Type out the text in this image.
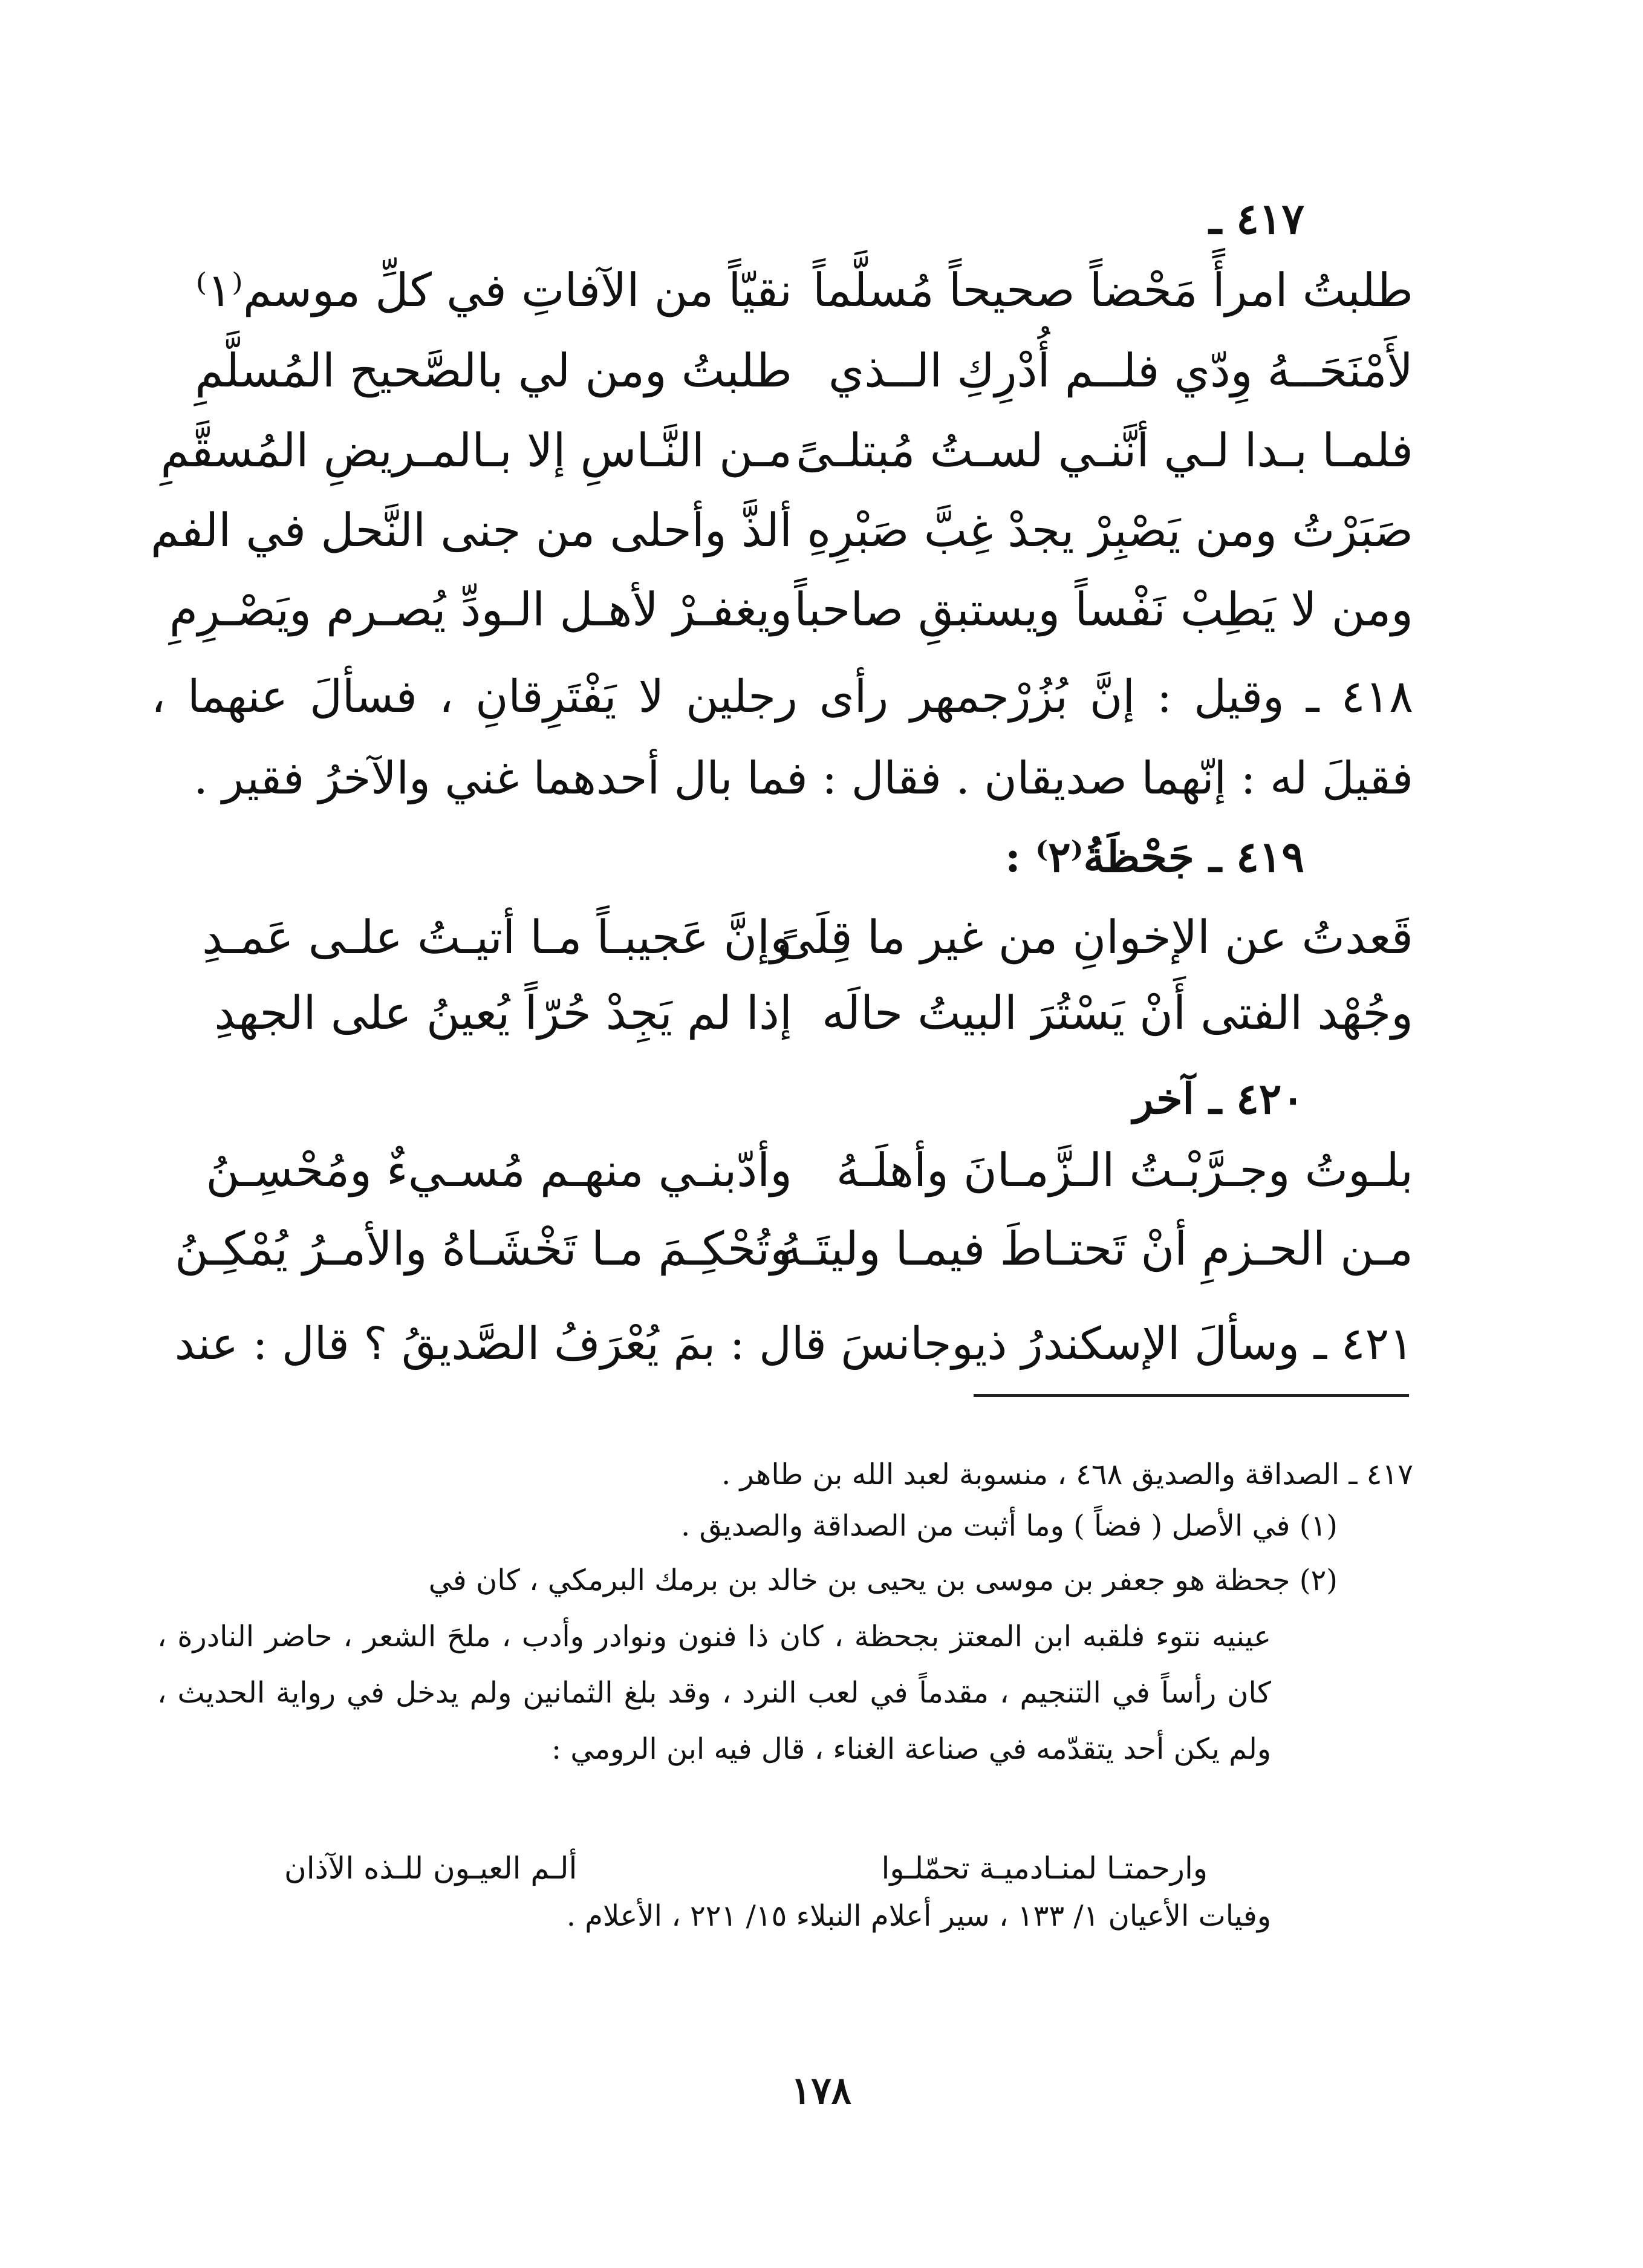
٤١٧ ـ
طلبتُ امرأً مَحْضاً صحيحاً مُسلَّماً
نقيّاً من الآفاتِ في كلِّ موسم⁽١⁾
لأَمْنَحَــهُ وِدّي فلــم أُدْرِكِ الــذي
طلبتُ ومن لي بالصَّحيح المُسلَّمِ
فلمـا بـدا لـي أنَّنـي لسـتُ مُبتلـىً
مـن النَّـاسِ إلا بـالمـريضِ المُسقَّمِ
صَبَرْتُ ومن يَصْبِرْ يجدْ غِبَّ صَبْرِهِ
ألذَّ وأحلى من جنى النَّحل في الفم
ومن لا يَطِبْ نَفْساً ويستبقِ صاحباً
ويغفـرْ لأهـل الـودِّ يُصـرم ويَصْـرِمِ
٤١٨ ـ وقيل : إنَّ بُزُرْجمهر رأى رجلين لا يَفْتَرِقانِ ، فسألَ عنهما ، فقيلَ له : إنّهما صديقان . فقال : فما بال أحدهما غني والآخرُ فقير .
٤١٩ ـ جَحْظَةُ⁽٢⁾ :
قَعدتُ عن الإخوانِ من غير ما قِلَىً
وإنَّ عَجيبـاً مـا أتيـتُ علـى عَمـدِ
وجُهْد الفتى أَنْ يَسْتُرَ البيتُ حالَه
إذا لم يَجِدْ حُرّاً يُعينُ على الجهدِ
٤٢٠ ـ آخر
بلـوتُ وجـرَّبْـتُ الـزَّمـانَ وأهلَـهُ
وأدّبنـي منهـم مُسـيءٌ ومُحْسِـنُ
مـن الحـزمِ أنْ تَحتـاطَ فيمـا وليتَـهُ
وتُحْكِـمَ مـا تَخْشَـاهُ والأمـرُ يُمْكِـنُ
٤٢١ ـ وسألَ الإسكندرُ ذيوجانسَ قال : بمَ يُعْرَفُ الصَّديقُ ؟ قال : عند
٤١٧ ـ الصداقة والصديق ٤٦٨ ، منسوبة لعبد الله بن طاهر .
(١) في الأصل ( فضاً ) وما أثبت من الصداقة والصديق .
(٢) جحظة هو جعفر بن موسى بن يحيى بن خالد بن برمك البرمكي ، كان في
عينيه نتوء فلقبه ابن المعتز بجحظة ، كان ذا فنون ونوادر وأدب ، ملحَ الشعر ، حاضر النادرة ، كان رأساً في التنجيم ، مقدماً في لعب النرد ، وقد بلغ الثمانين ولم يدخل في رواية الحديث ، ولم يكن أحد يتقدّمه في صناعة الغناء ، قال فيه ابن الرومي :
وارحمتـا لمنـادميـة تحمّلـوا
ألـم العيـون للـذه الآذان
وفيات الأعيان ١/ ١٣٣ ، سير أعلام النبلاء ١٥/ ٢٢١ ، الأعلام .
١٧٨
